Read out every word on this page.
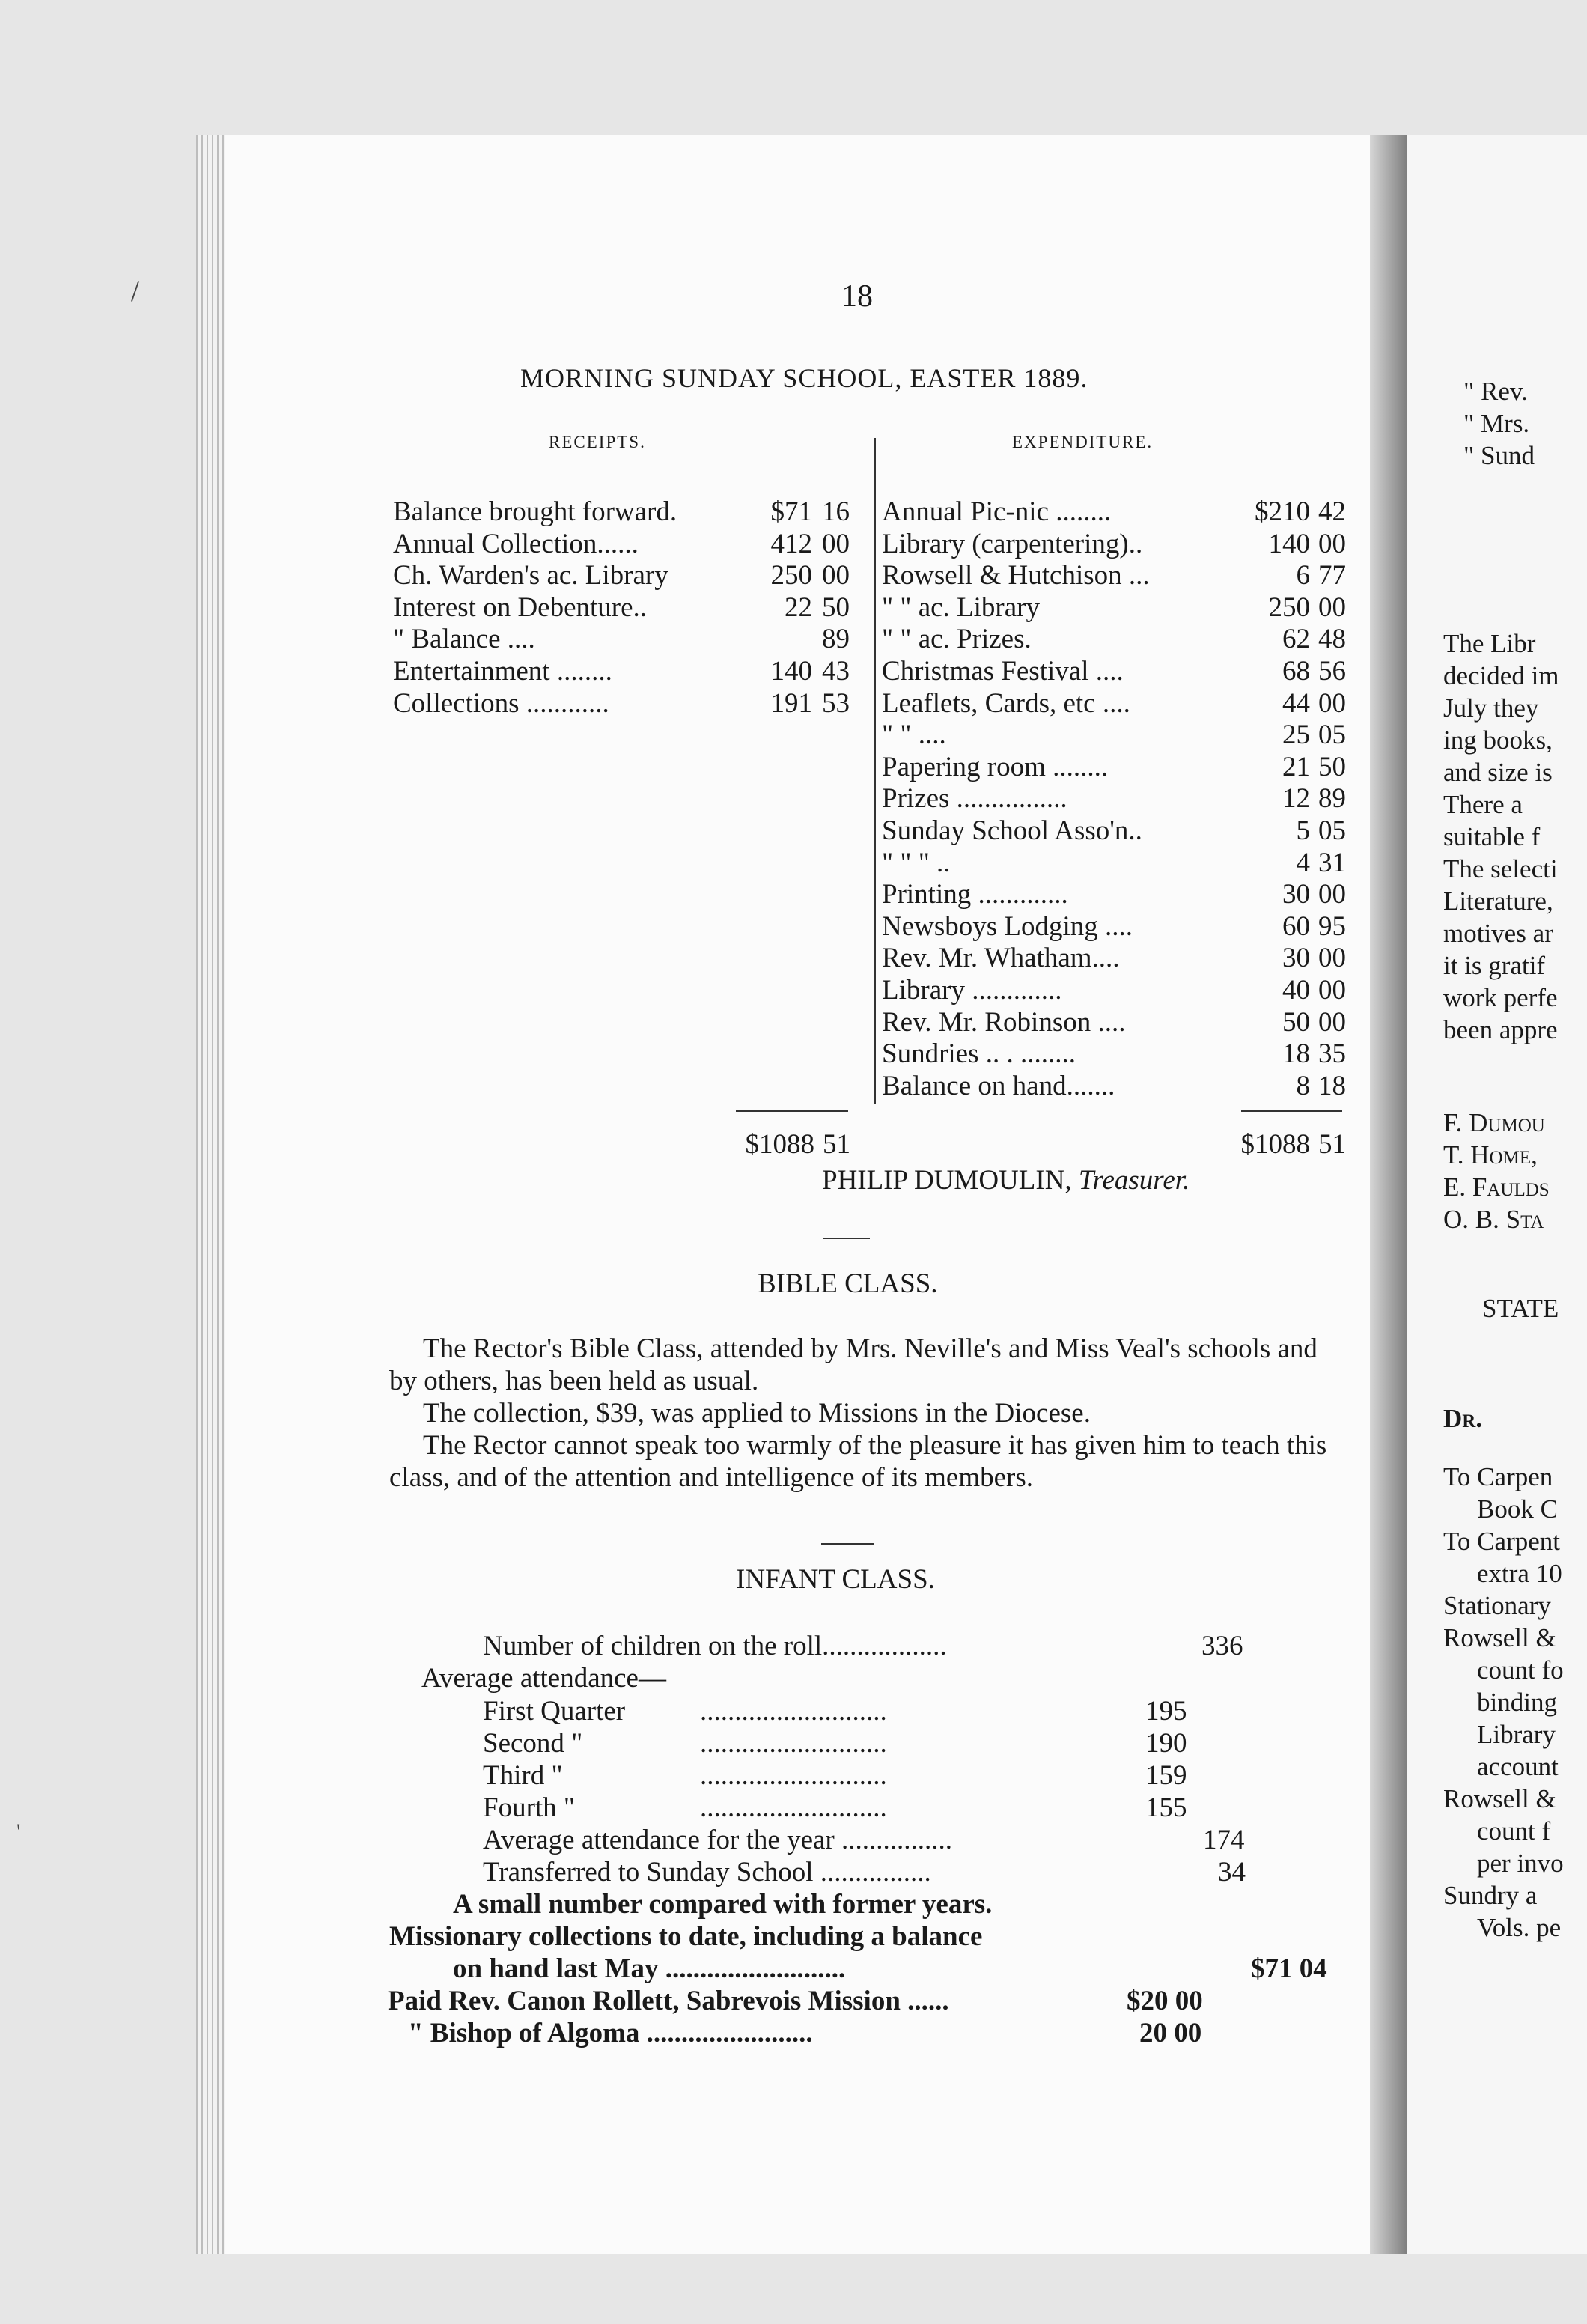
/
'
18
MORNING SUNDAY SCHOOL, EASTER 1889.
RECEIPTS.	EXPENDITURE.
Balance brought forward.	$71 16
Annual Collection......	412 00
Ch. Warden's ac. Library	250 00
Interest on Debenture..	22 50
" Balance ....	89
Entertainment ........	140 43
Collections ............	191 53
Annual Pic-nic ........	$210 42
Library (carpentering)..	140 00
Rowsell & Hutchison ...	6 77
" " ac. Library	250 00
" " ac. Prizes.	62 48
Christmas Festival ....	68 56
Leaflets, Cards, etc ....	44 00
" " ....	25 05
Papering room ........	21 50
Prizes ................	12 89
Sunday School Asso'n..	5 05
" " " ..	4 31
Printing .............	30 00
Newsboys Lodging ....	60 95
Rev. Mr. Whatham....	30 00
Library .............	40 00
Rev. Mr. Robinson ....	50 00
Sundries .. . ........	18 35
Balance on hand.......	8 18
$1088 51	$1088 51
PHILIP DUMOULIN, Treasurer.
BIBLE CLASS.

The Rector's Bible Class, attended by Mrs. Neville's and Miss Veal's schools and by others, has been held as usual.

The collection, $39, was applied to Missions in the Diocese.

The Rector cannot speak too warmly of the pleasure it has given him to teach this class, and of the attention and intelligence of its members.

INFANT CLASS.
Number of children on the roll..................	336
Average attendance—
First Quarter	...........................	195
Second "	...........................	190
Third "	...........................	159
Fourth "	...........................	155
Average attendance for the year ................	174
Transferred to Sunday School ................	34
A small number compared with former years.
Missionary collections to date, including a balance
on hand last May ..........................	$71 04
Paid Rev. Canon Rollett, Sabrevois Mission ......	$20 00
" Bishop of Algoma ........................	20 00
" Rev.
" Mrs.
" Sund
The Libr
decided im
July they
ing books,
and size is
There a
suitable f
The selecti
Literature,
motives ar
it is gratif
work perfe
been appre
F. Dumou
T. Home,
E. Faulds
O. B. Sta
STATE
Dr.
To Carpen
Book C
To Carpent
extra 10
Stationary
Rowsell &
count fo
binding
Library
account
Rowsell &
count f
per invo
Sundry a
Vols. pe
